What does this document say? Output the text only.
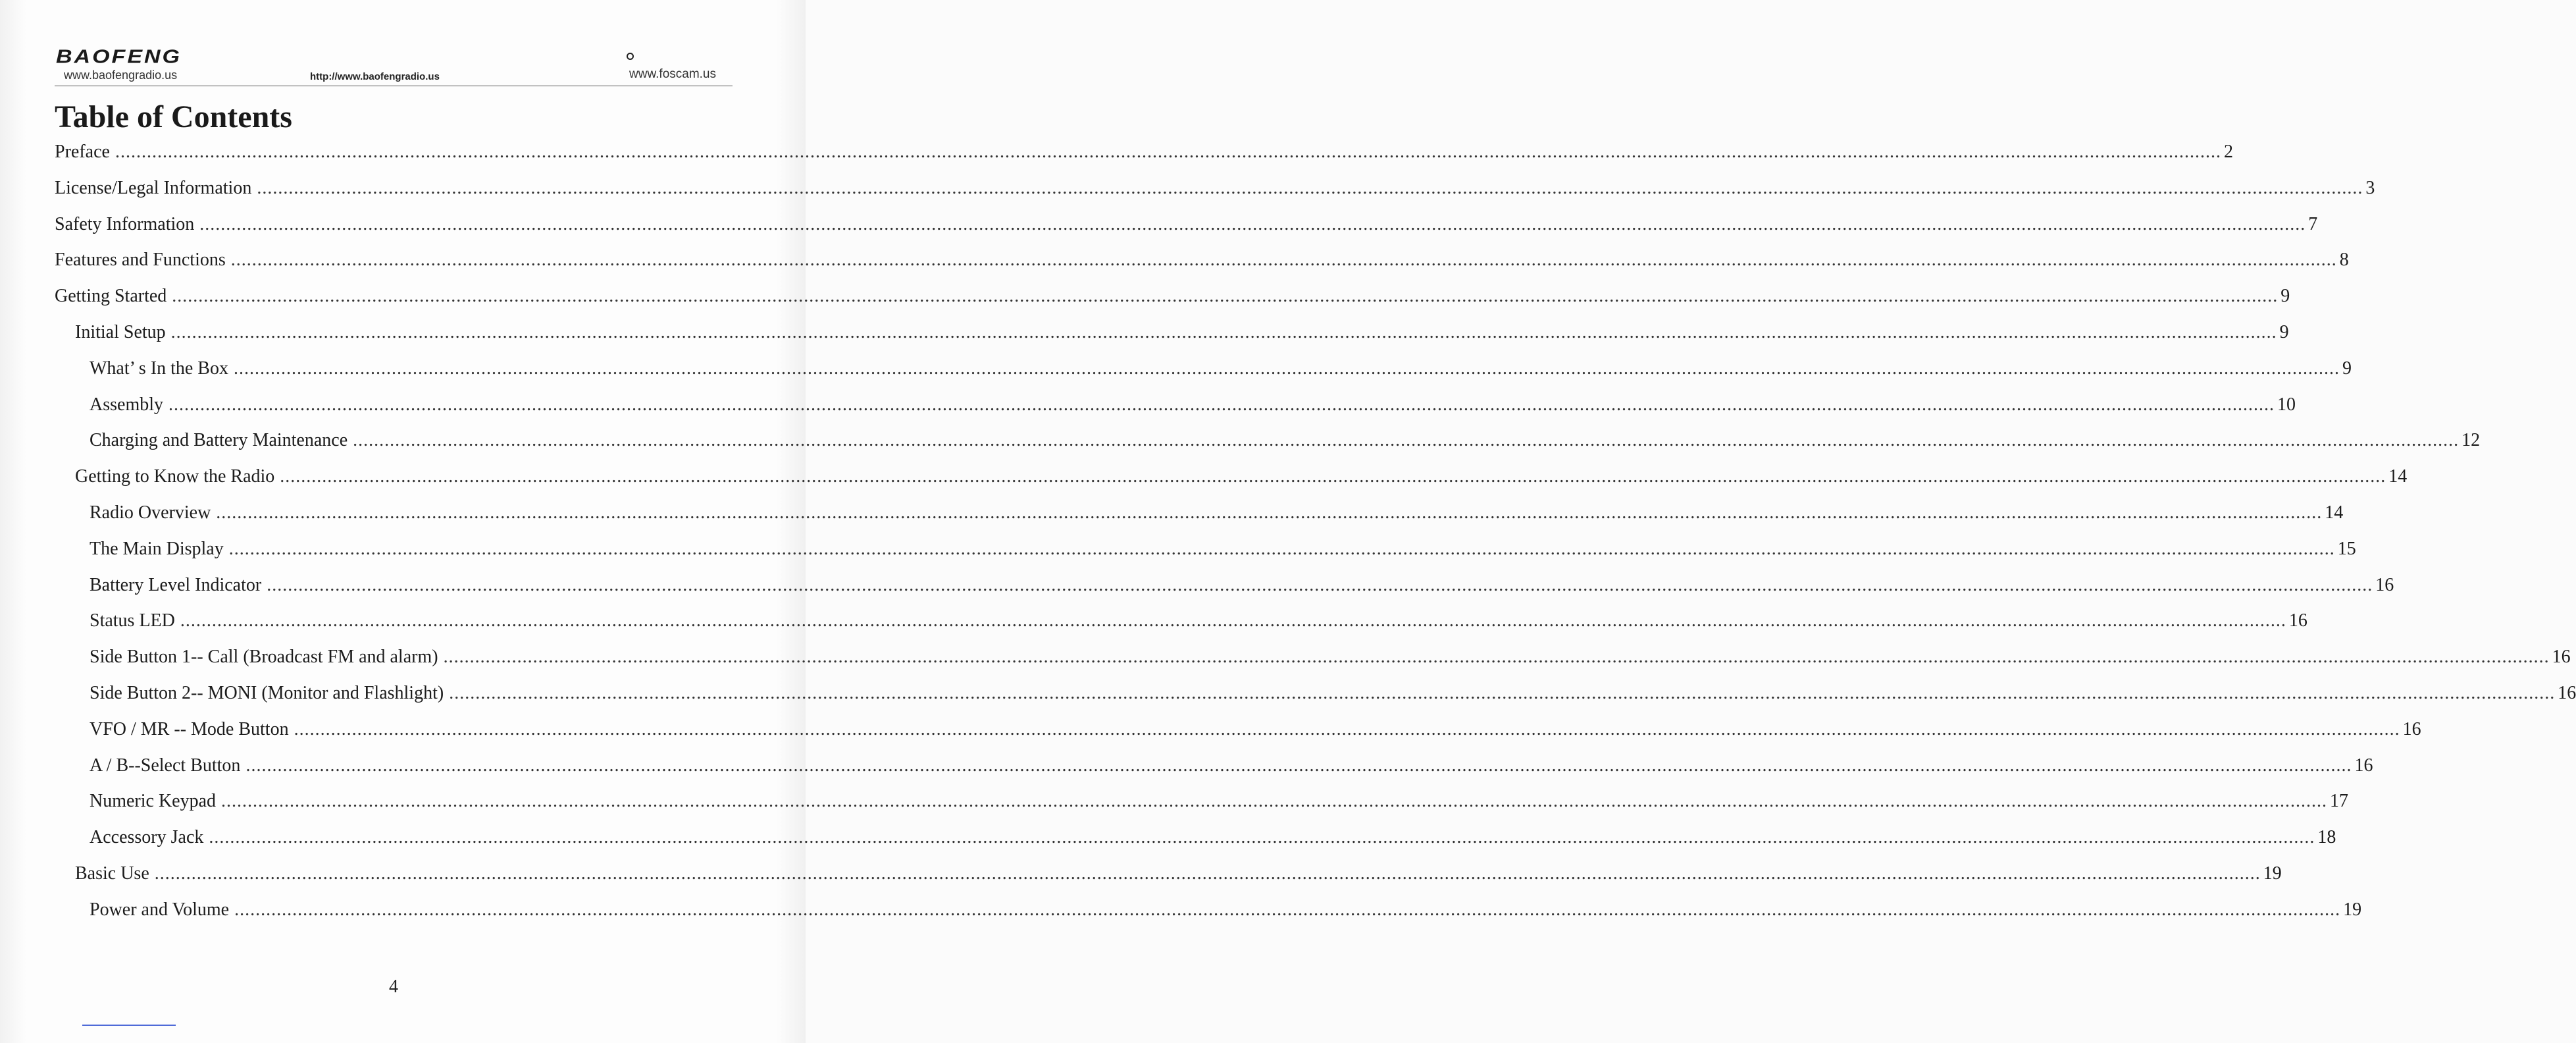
BAOFENG
www.baofengradio.us	http://www.baofengradio.us	www.foscam.us
Table of Contents
Preface ................................................................................................................................................................................................................................................................................................................................................................................................................ 2
License/Legal Information ................................................................................................................................................................................................................................................................................................................................................................................................................ 3
Safety Information ................................................................................................................................................................................................................................................................................................................................................................................................................ 7
Features and Functions ................................................................................................................................................................................................................................................................................................................................................................................................................ 8
Getting Started ................................................................................................................................................................................................................................................................................................................................................................................................................ 9
Initial Setup ................................................................................................................................................................................................................................................................................................................................................................................................................ 9
What’ s In the Box ................................................................................................................................................................................................................................................................................................................................................................................................................ 9
Assembly ................................................................................................................................................................................................................................................................................................................................................................................................................ 10
Charging and Battery Maintenance ................................................................................................................................................................................................................................................................................................................................................................................................................ 12
Getting to Know the Radio ................................................................................................................................................................................................................................................................................................................................................................................................................ 14
Radio Overview ................................................................................................................................................................................................................................................................................................................................................................................................................ 14
The Main Display ................................................................................................................................................................................................................................................................................................................................................................................................................ 15
Battery Level Indicator ................................................................................................................................................................................................................................................................................................................................................................................................................ 16
Status LED ................................................................................................................................................................................................................................................................................................................................................................................................................ 16
Side Button 1-- Call (Broadcast FM and alarm) ................................................................................................................................................................................................................................................................................................................................................................................................................ 16
Side Button 2-- MONI (Monitor and Flashlight) ................................................................................................................................................................................................................................................................................................................................................................................................................ 16
VFO / MR -- Mode Button ................................................................................................................................................................................................................................................................................................................................................................................................................ 16
A / B--Select Button ................................................................................................................................................................................................................................................................................................................................................................................................................ 16
Numeric Keypad ................................................................................................................................................................................................................................................................................................................................................................................................................ 17
Accessory Jack ................................................................................................................................................................................................................................................................................................................................................................................................................ 18
Basic Use ................................................................................................................................................................................................................................................................................................................................................................................................................ 19
Power and Volume ................................................................................................................................................................................................................................................................................................................................................................................................................ 19
4
